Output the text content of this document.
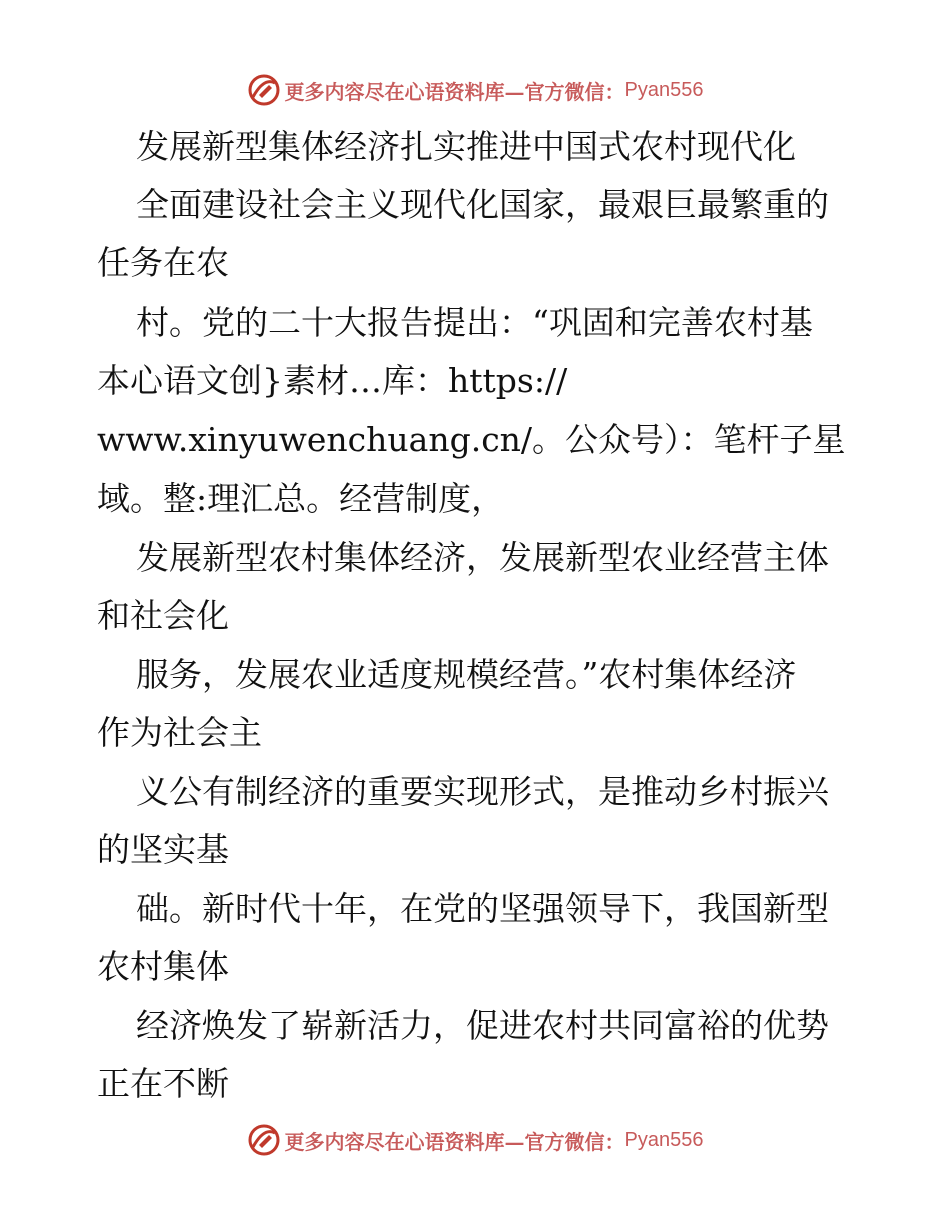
更多内容尽在心语资料库—官方微信： Pyan556
发展新型集体经济扎实推进中国式农村现代化
全面建设社会主义现代化国家，最艰巨最繁重的
任务在农
村。党的二十大报告提出：“巩固和完善农村基
本心语文创}素材…库：https://
www.xinyuwenchuang.cn/。公众号）：笔杆子星
域。整:理汇总。经营制度，
发展新型农村集体经济，发展新型农业经营主体
和社会化
服务，发展农业适度规模经营。”农村集体经济
作为社会主
义公有制经济的重要实现形式，是推动乡村振兴
的坚实基
础。新时代十年，在党的坚强领导下，我国新型
农村集体
经济焕发了崭新活力，促进农村共同富裕的优势
正在不断
更多内容尽在心语资料库—官方微信： Pyan556
